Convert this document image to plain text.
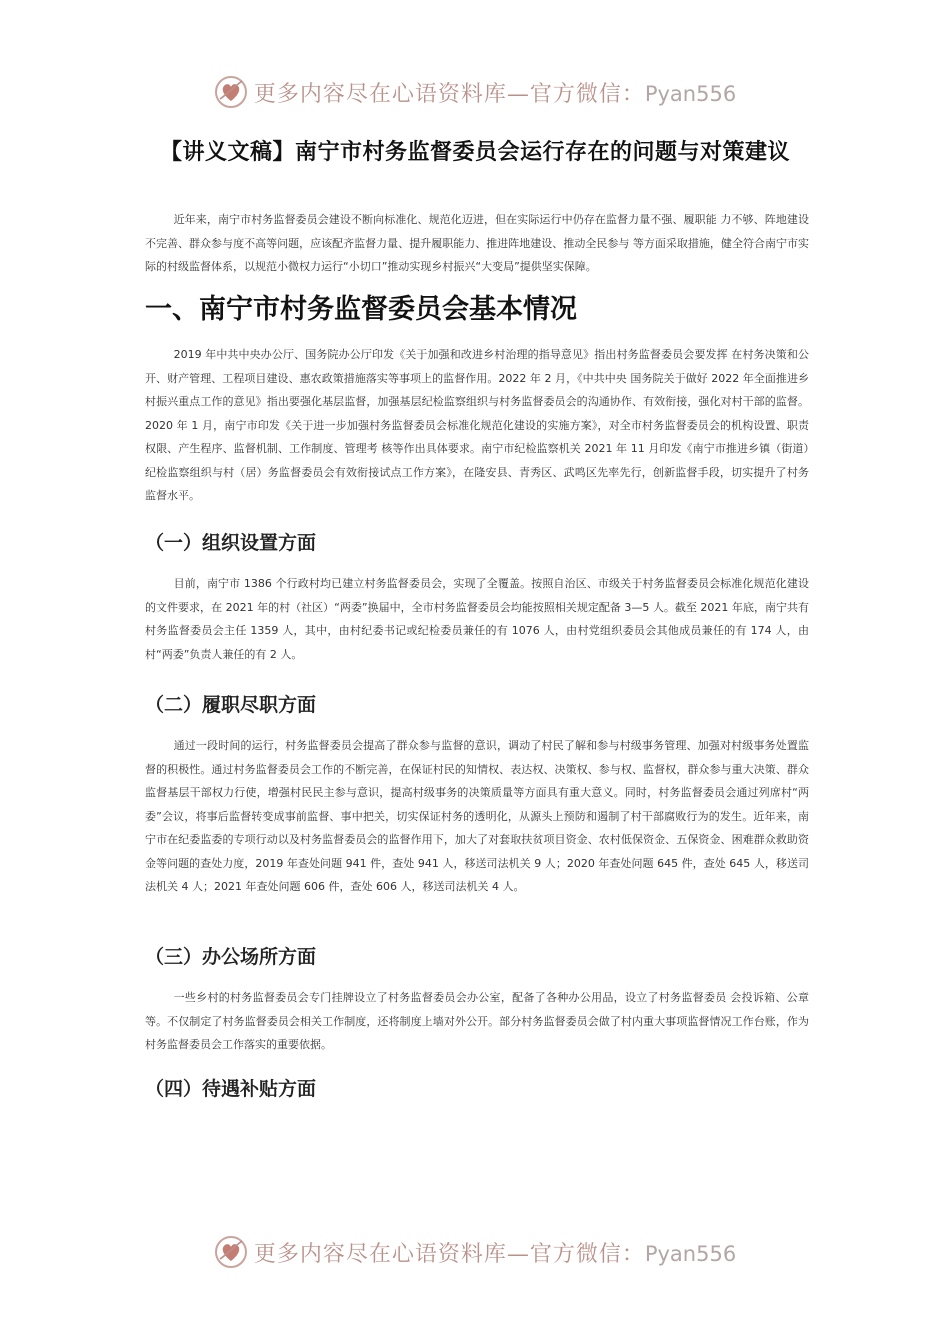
更多内容尽在心语资料库—官方微信：Pyan556
【讲义文稿】南宁市村务监督委员会运行存在的问题与对策建议

近年来，南宁市村务监督委员会建设不断向标准化、规范化迈进，但在实际运行中仍存在监督力量不强、履职能 力不够、阵地建设不完善、群众参与度不高等问题，应该配齐监督力量、提升履职能力、推进阵地建设、推动全民参与 等方面采取措施，健全符合南宁市实际的村级监督体系，以规范小微权力运行“小切口”推动实现乡村振兴“大变局”提供坚实保障。

一、南宁市村务监督委员会基本情况

2019 年中共中央办公厅、国务院办公厅印发《关于加强和改进乡村治理的指导意见》指出村务监督委员会要发挥 在村务决策和公开、财产管理、工程项目建设、惠农政策措施落实等事项上的监督作用。2022 年 2 月，《中共中央 国务院关于做好 2022 年全面推进乡村振兴重点工作的意见》指出要强化基层监督，加强基层纪检监察组织与村务监督委员会的沟通协作、有效衔接，强化对村干部的监督。2020 年 1 月，南宁市印发《关于进一步加强村务监督委员会标准化规范化建设的实施方案》，对全市村务监督委员会的机构设置、职责权限、产生程序、监督机制、工作制度、管理考 核等作出具体要求。南宁市纪检监察机关 2021 年 11 月印发《南宁市推进乡镇（街道）纪检监察组织与村（居）务监督委员会有效衔接试点工作方案》，在隆安县、青秀区、武鸣区先率先行，创新监督手段，切实提升了村务监督水平。

（一）组织设置方面

目前，南宁市 1386 个行政村均已建立村务监督委员会，实现了全覆盖。按照自治区、市级关于村务监督委员会标准化规范化建设的文件要求，在 2021 年的村（社区）“两委”换届中，全市村务监督委员会均能按照相关规定配备 3—5 人。截至 2021 年底，南宁共有村务监督委员会主任 1359 人，其中，由村纪委书记或纪检委员兼任的有 1076 人，由村党组织委员会其他成员兼任的有 174 人，由村“两委”负责人兼任的有 2 人。

（二）履职尽职方面

通过一段时间的运行，村务监督委员会提高了群众参与监督的意识，调动了村民了解和参与村级事务管理、加强对村级事务处置监督的积极性。通过村务监督委员会工作的不断完善，在保证村民的知情权、表达权、决策权、参与权、监督权，群众参与重大决策、群众监督基层干部权力行使，增强村民民主参与意识，提高村级事务的决策质量等方面具有重大意义。同时，村务监督委员会通过列席村“两委”会议，将事后监督转变成事前监督、事中把关，切实保证村务的透明化，从源头上预防和遏制了村干部腐败行为的发生。近年来，南宁市在纪委监委的专项行动以及村务监督委员会的监督作用下，加大了对套取扶贫项目资金、农村低保资金、五保资金、困难群众救助资金等问题的查处力度，2019 年查处问题 941 件，查处 941 人，移送司法机关 9 人；2020 年查处问题 645 件，查处 645 人，移送司法机关 4 人；2021 年查处问题 606 件，查处 606 人，移送司法机关 4 人。

（三）办公场所方面

一些乡村的村务监督委员会专门挂牌设立了村务监督委员会办公室，配备了各种办公用品，设立了村务监督委员 会投诉箱、公章等。不仅制定了村务监督委员会相关工作制度，还将制度上墙对外公开。部分村务监督委员会做了村内重大事项监督情况工作台账，作为村务监督委员会工作落实的重要依据。

（四）待遇补贴方面
更多内容尽在心语资料库—官方微信：Pyan556
